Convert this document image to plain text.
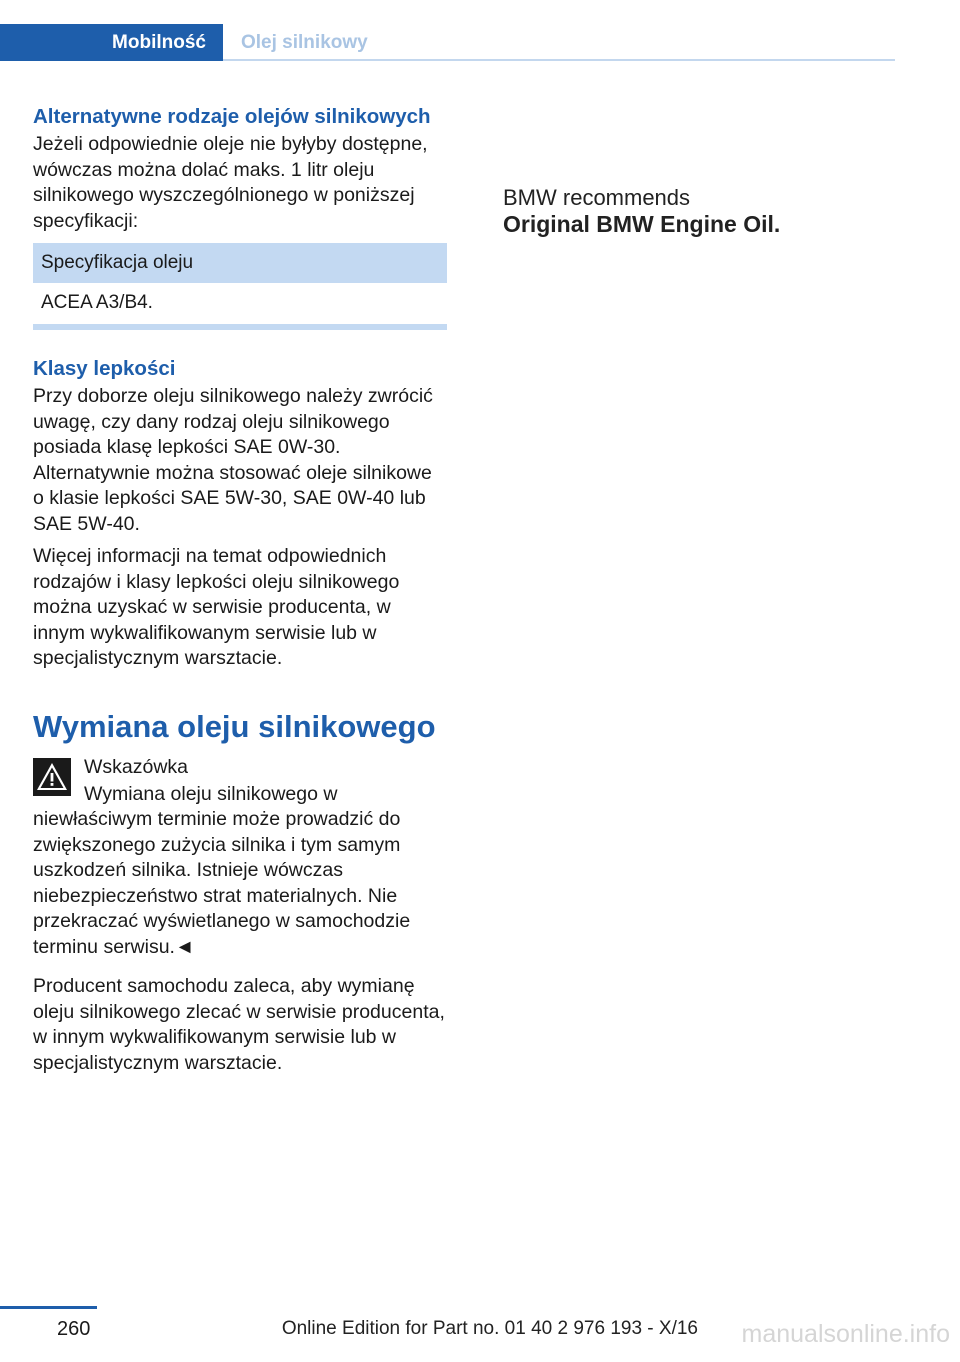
Mobilność	Olej silnikowy
Alternatywne rodzaje olejów silnikowych

Jeżeli odpowiednie oleje nie byłyby dostępne, wówczas można dolać maks. 1 litr oleju silnikowego wyszczególnionego w poniższej specyfikacji:

Specyfikacja oleju
ACEA A3/B4.
Klasy lepkości

Przy doborze oleju silnikowego należy zwrócić uwagę, czy dany rodzaj oleju silnikowego posiada klasę lepkości SAE 0W-30. Alternatywnie można stosować oleje silnikowe o klasie lepkości SAE 5W-30, SAE 0W-40 lub SAE 5W-40.

Więcej informacji na temat odpowiednich rodzajów i klasy lepkości oleju silnikowego można uzyskać w serwisie producenta, w innym wykwalifikowanym serwisie lub w specjalistycznym warsztacie.

Wymiana oleju silnikowego

Wskazówka

Wymiana oleju silnikowego w niewłaściwym terminie może prowadzić do zwiększonego zużycia silnika i tym samym uszkodzeń silnika. Istnieje wówczas niebezpieczeństwo strat materialnych. Nie przekraczać wyświetlanego w samochodzie terminu serwisu.◄

Producent samochodu zaleca, aby wymianę oleju silnikowego zlecać w serwisie producenta, w innym wykwalifikowanym serwisie lub w specjalistycznym warsztacie.

BMW recommends
Original BMW Engine Oil.
260	Online Edition for Part no. 01 40 2 976 193 - X/16 manualsonline.info
